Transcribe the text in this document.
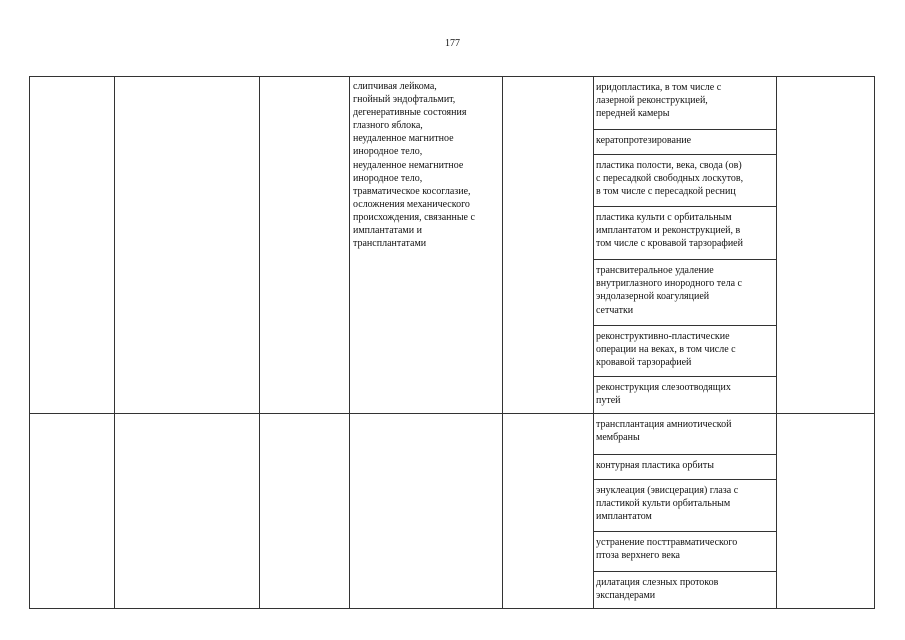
177
иридопластика, в том числе с
лазерной реконструкцией,
передней камеры
кератопротезирование
пластика полости, века, свода (ов)
с пересадкой свободных лоскутов,
в том числе с пересадкой ресниц
пластика культи с орбитальным
имплантатом и реконструкцией, в
том числе с кровавой тарзорафией
трансвитеральное удаление
внутриглазного инородного тела с
эндолазерной коагуляцией
сетчатки
реконструктивно-пластические
операции на веках, в том числе с
кровавой тарзорафией
реконструкция слезоотводящих
путей
слипчивая лейкома,
гнойный эндофтальмит,
дегенеративные состояния
глазного яблока,
неудаленное магнитное
инородное тело,
неудаленное немагнитное
инородное тело,
травматическое косоглазие,
осложнения механического
происхождения, связанные с
имплантатами и
трансплантатами
трансплантация амниотической
мембраны
контурная пластика орбиты
энуклеация (эвисцерация) глаза с
пластикой культи орбитальным
имплантатом
устранение посттравматического
птоза верхнего века
дилатация слезных протоков
экспандерами
